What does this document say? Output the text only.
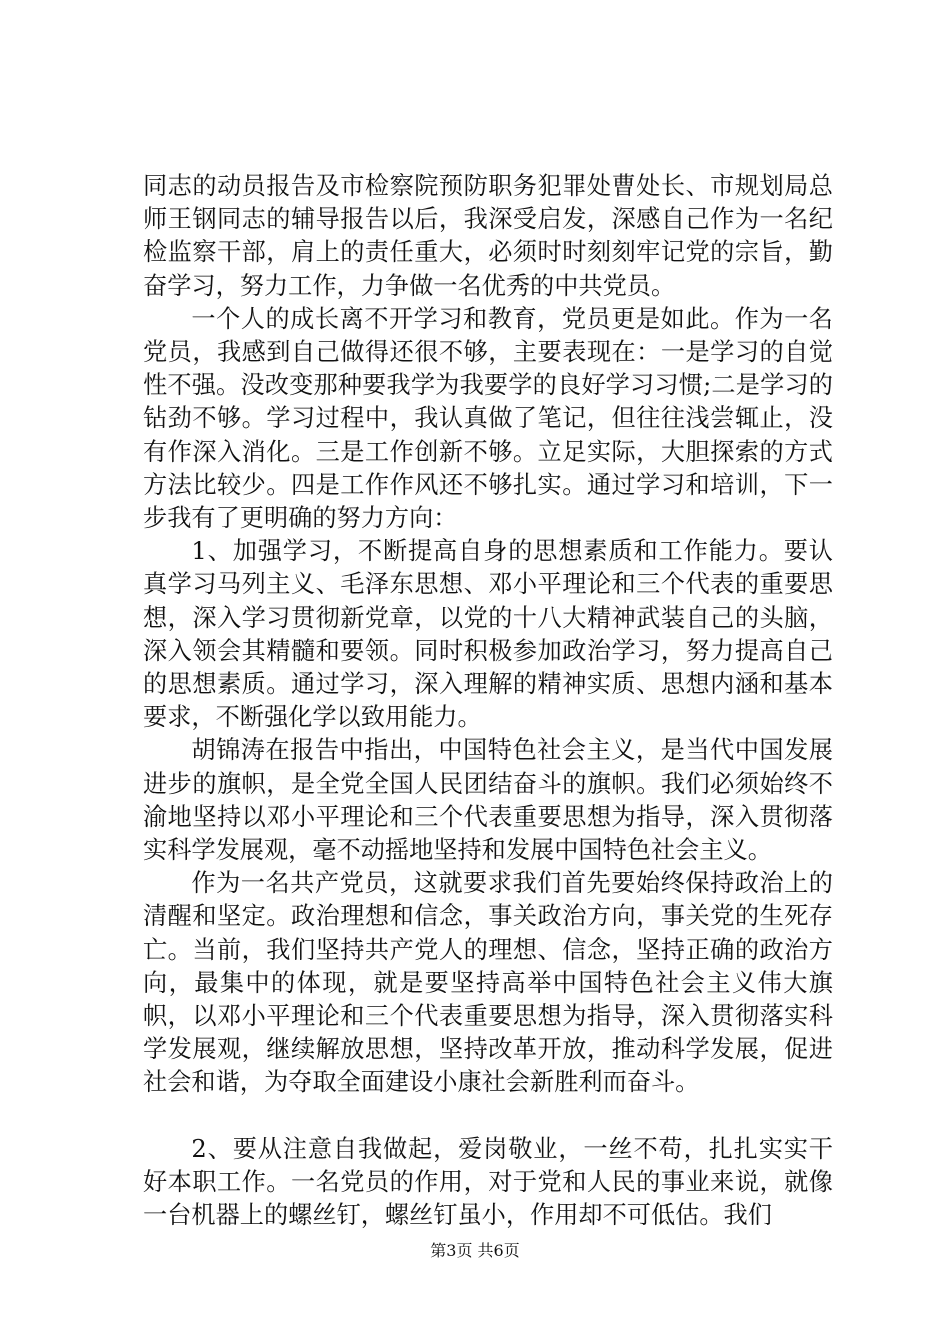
同志的动员报告及市检察院预防职务犯罪处曹处长、市规划局总师王钢同志的辅导报告以后，我深受启发，深感自己作为一名纪检监察干部，肩上的责任重大，必须时时刻刻牢记党的宗旨，勤奋学习，努力工作，力争做一名优秀的中共党员。

一个人的成长离不开学习和教育，党员更是如此。作为一名党员，我感到自己做得还很不够，主要表现在：一是学习的自觉性不强。没改变那种要我学为我要学的良好学习习惯;二是学习的钻劲不够。学习过程中，我认真做了笔记，但往往浅尝辄止，没有作深入消化。三是工作创新不够。立足实际，大胆探索的方式方法比较少。四是工作作风还不够扎实。通过学习和培训，下一步我有了更明确的努力方向：

1、加强学习，不断提高自身的思想素质和工作能力。要认真学习马列主义、毛泽东思想、邓小平理论和三个代表的重要思想，深入学习贯彻新党章，以党的十八大精神武装自己的头脑，深入领会其精髓和要领。同时积极参加政治学习，努力提高自己的思想素质。通过学习，深入理解的精神实质、思想内涵和基本要求，不断强化学以致用能力。

胡锦涛在报告中指出，中国特色社会主义，是当代中国发展进步的旗帜，是全党全国人民团结奋斗的旗帜。我们必须始终不渝地坚持以邓小平理论和三个代表重要思想为指导，深入贯彻落实科学发展观，毫不动摇地坚持和发展中国特色社会主义。

作为一名共产党员，这就要求我们首先要始终保持政治上的清醒和坚定。政治理想和信念，事关政治方向，事关党的生死存亡。当前，我们坚持共产党人的理想、信念，坚持正确的政治方向，最集中的体现，就是要坚持高举中国特色社会主义伟大旗帜，以邓小平理论和三个代表重要思想为指导，深入贯彻落实科学发展观，继续解放思想，坚持改革开放，推动科学发展，促进社会和谐，为夺取全面建设小康社会新胜利而奋斗。

2、要从注意自我做起，爱岗敬业，一丝不苟，扎扎实实干好本职工作。一名党员的作用，对于党和人民的事业来说，就像一台机器上的螺丝钉，螺丝钉虽小，作用却不可低估。我们

第3页 共6页
